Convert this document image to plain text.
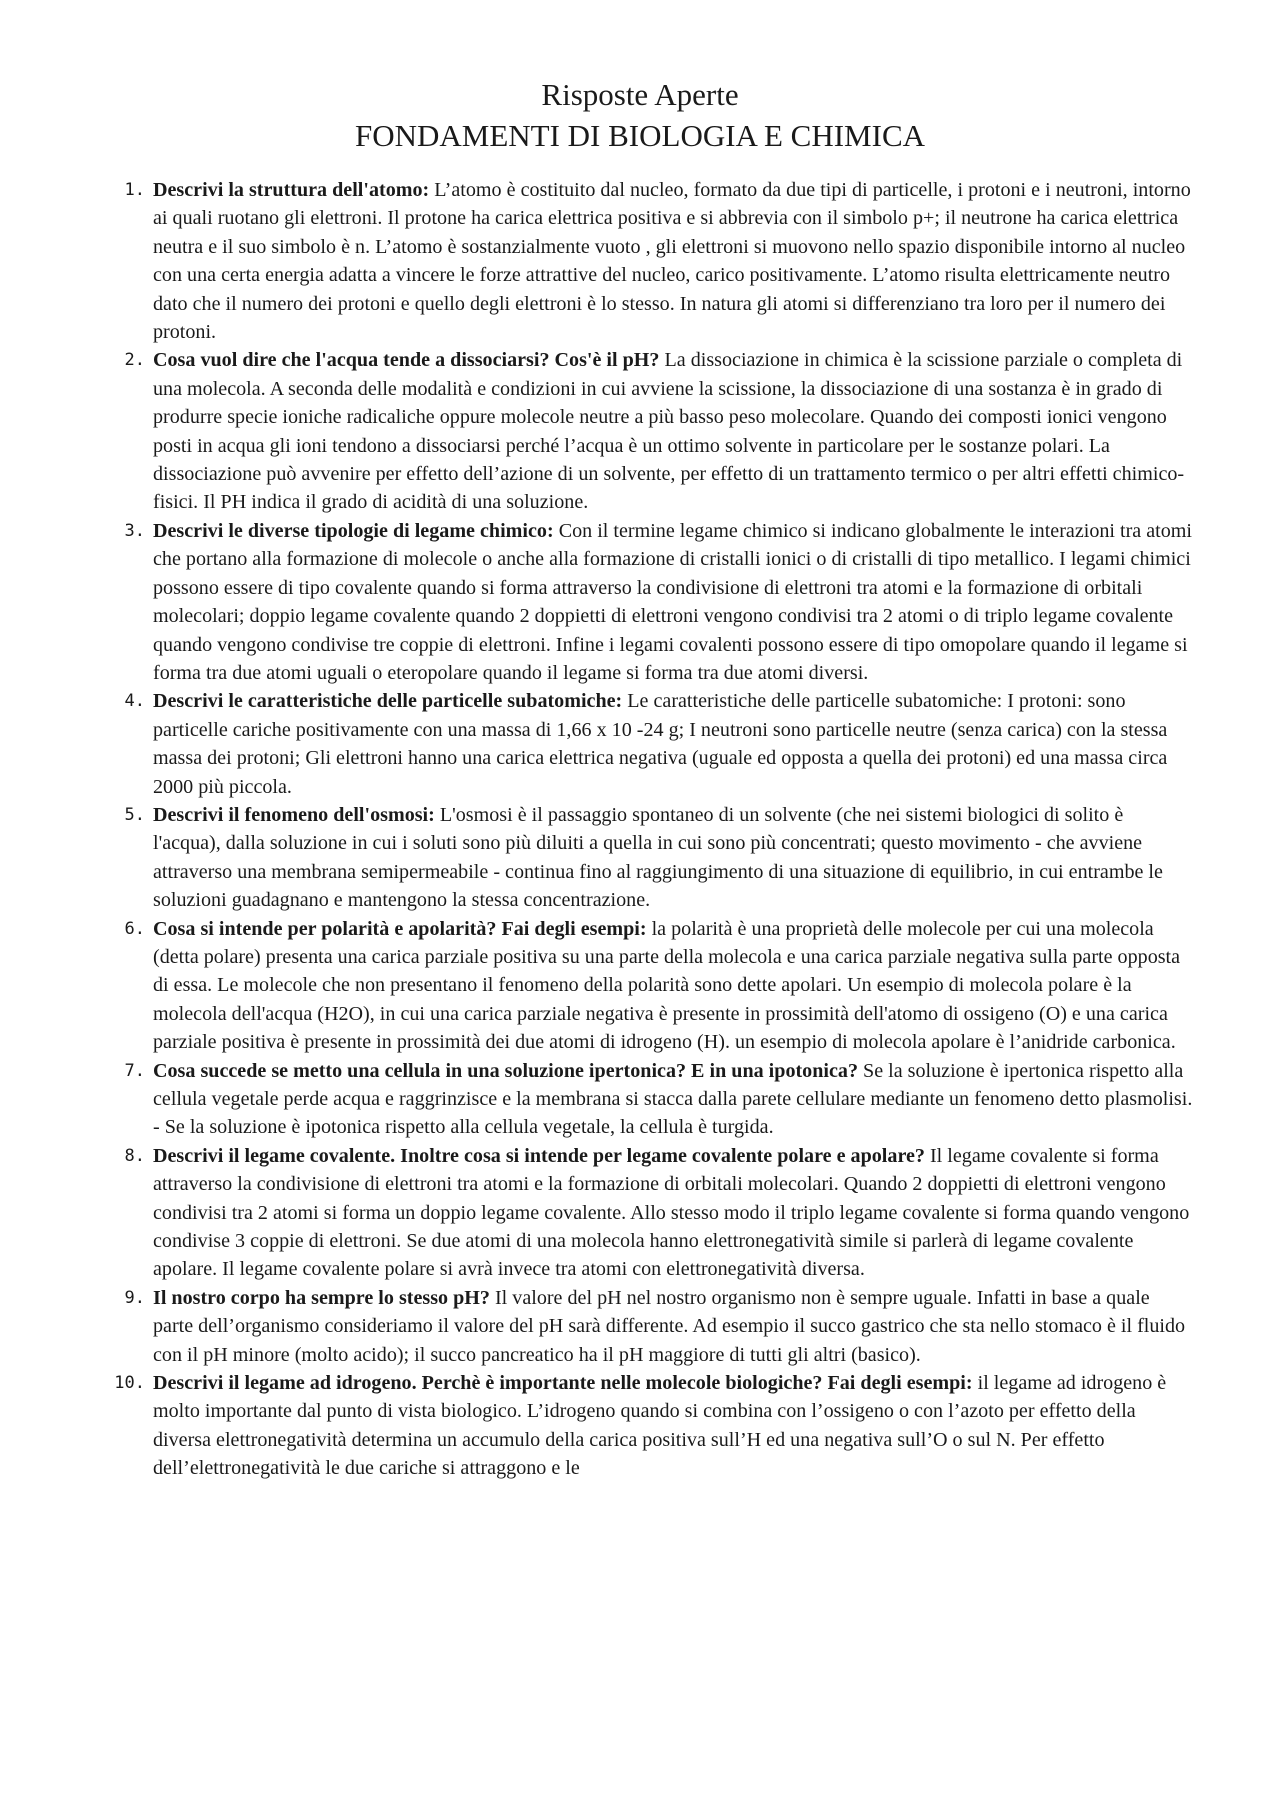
Risposte Aperte
FONDAMENTI DI BIOLOGIA E CHIMICA
1. Descrivi la struttura dell'atomo: L’atomo è costituito dal nucleo, formato da due tipi di particelle, i protoni e i neutroni, intorno ai quali ruotano gli elettroni. Il protone ha carica elettrica positiva e si abbrevia con il simbolo p+; il neutrone ha carica elettrica neutra e il suo simbolo è n. L’atomo è sostanzialmente vuoto , gli elettroni si muovono nello spazio disponibile intorno al nucleo con una certa energia adatta a vincere le forze attrattive del nucleo, carico positivamente. L’atomo risulta elettricamente neutro dato che il numero dei protoni e quello degli elettroni è lo stesso. In natura gli atomi si differenziano tra loro per il numero dei protoni.
2. Cosa vuol dire che l'acqua tende a dissociarsi? Cos'è il pH? La dissociazione in chimica è la scissione parziale o completa di una molecola. A seconda delle modalità e condizioni in cui avviene la scissione, la dissociazione di una sostanza è in grado di produrre specie ioniche radicaliche oppure molecole neutre a più basso peso molecolare. Quando dei composti ionici vengono posti in acqua gli ioni tendono a dissociarsi perché l’acqua è un ottimo solvente in particolare per le sostanze polari. La dissociazione può avvenire per effetto dell’azione di un solvente, per effetto di un trattamento termico o per altri effetti chimico-fisici. Il PH indica il grado di acidità di una soluzione.
3. Descrivi le diverse tipologie di legame chimico: Con il termine legame chimico si indicano globalmente le interazioni tra atomi che portano alla formazione di molecole o anche alla formazione di cristalli ionici o di cristalli di tipo metallico. I legami chimici possono essere di tipo covalente quando si forma attraverso la condivisione di elettroni tra atomi e la formazione di orbitali molecolari; doppio legame covalente quando 2 doppietti di elettroni vengono condivisi tra 2 atomi o di triplo legame covalente quando vengono condivise tre coppie di elettroni. Infine i legami covalenti possono essere di tipo omopolare quando il legame si forma tra due atomi uguali o eteropolare quando il legame si forma tra due atomi diversi.
4. Descrivi le caratteristiche delle particelle subatomiche: Le caratteristiche delle particelle subatomiche: I protoni: sono particelle cariche positivamente con una massa di 1,66 x 10 -24 g; I neutroni sono particelle neutre (senza carica) con la stessa massa dei protoni; Gli elettroni hanno una carica elettrica negativa (uguale ed opposta a quella dei protoni) ed una massa circa 2000 più piccola.
5. Descrivi il fenomeno dell'osmosi: L'osmosi è il passaggio spontaneo di un solvente (che nei sistemi biologici di solito è l'acqua), dalla soluzione in cui i soluti sono più diluiti a quella in cui sono più concentrati; questo movimento - che avviene attraverso una membrana semipermeabile - continua fino al raggiungimento di una situazione di equilibrio, in cui entrambe le soluzioni guadagnano e mantengono la stessa concentrazione.
6. Cosa si intende per polarità e apolarità? Fai degli esempi: la polarità è una proprietà delle molecole per cui una molecola (detta polare) presenta una carica parziale positiva su una parte della molecola e una carica parziale negativa sulla parte opposta di essa. Le molecole che non presentano il fenomeno della polarità sono dette apolari. Un esempio di molecola polare è la molecola dell'acqua (H2O), in cui una carica parziale negativa è presente in prossimità dell'atomo di ossigeno (O) e una carica parziale positiva è presente in prossimità dei due atomi di idrogeno (H). un esempio di molecola apolare è l’anidride carbonica.
7. Cosa succede se metto una cellula in una soluzione ipertonica? E in una ipotonica? Se la soluzione è ipertonica rispetto alla cellula vegetale perde acqua e raggrinzisce e la membrana si stacca dalla parete cellulare mediante un fenomeno detto plasmolisi. - Se la soluzione è ipotonica rispetto alla cellula vegetale, la cellula è turgida.
8. Descrivi il legame covalente. Inoltre cosa si intende per legame covalente polare e apolare? Il legame covalente si forma attraverso la condivisione di elettroni tra atomi e la formazione di orbitali molecolari. Quando 2 doppietti di elettroni vengono condivisi tra 2 atomi si forma un doppio legame covalente. Allo stesso modo il triplo legame covalente si forma quando vengono condivise 3 coppie di elettroni. Se due atomi di una molecola hanno elettronegatività simile si parlerà di legame covalente apolare. Il legame covalente polare si avrà invece tra atomi con elettronegatività diversa.
9. Il nostro corpo ha sempre lo stesso pH? Il valore del pH nel nostro organismo non è sempre uguale. Infatti in base a quale parte dell’organismo consideriamo il valore del pH sarà differente. Ad esempio il succo gastrico che sta nello stomaco è il fluido con il pH minore (molto acido); il succo pancreatico ha il pH maggiore di tutti gli altri (basico).
10. Descrivi il legame ad idrogeno. Perchè è importante nelle molecole biologiche? Fai degli esempi: il legame ad idrogeno è molto importante dal punto di vista biologico. L’idrogeno quando si combina con l’ossigeno o con l’azoto per effetto della diversa elettronegatività determina un accumulo della carica positiva sull’H ed una negativa sull’O o sul N. Per effetto dell’elettronegatività le due cariche si attraggono e le
